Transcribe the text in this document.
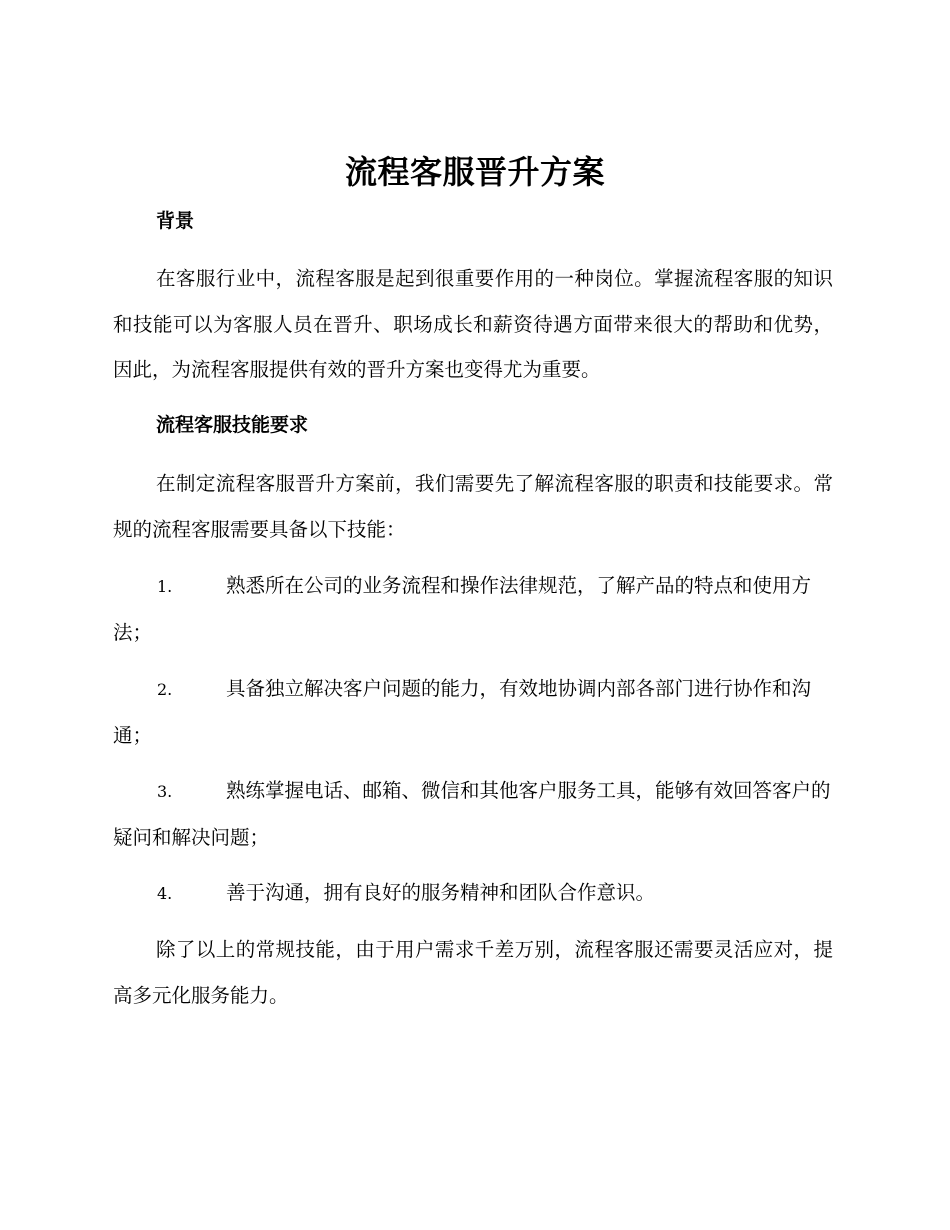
流程客服晋升方案
背景

在客服行业中，流程客服是起到很重要作用的一种岗位。掌握流程客服的知识和技能可以为客服人员在晋升、职场成长和薪资待遇方面带来很大的帮助和优势，因此，为流程客服提供有效的晋升方案也变得尤为重要。

流程客服技能要求

在制定流程客服晋升方案前，我们需要先了解流程客服的职责和技能要求。常规的流程客服需要具备以下技能：

1.	熟悉所在公司的业务流程和操作法律规范，了解产品的特点和使用方法；

2.	具备独立解决客户问题的能力，有效地协调内部各部门进行协作和沟通；

3.	熟练掌握电话、邮箱、微信和其他客户服务工具，能够有效回答客户的疑问和解决问题；

4.	善于沟通，拥有良好的服务精神和团队合作意识。

除了以上的常规技能，由于用户需求千差万别，流程客服还需要灵活应对，提高多元化服务能力。
